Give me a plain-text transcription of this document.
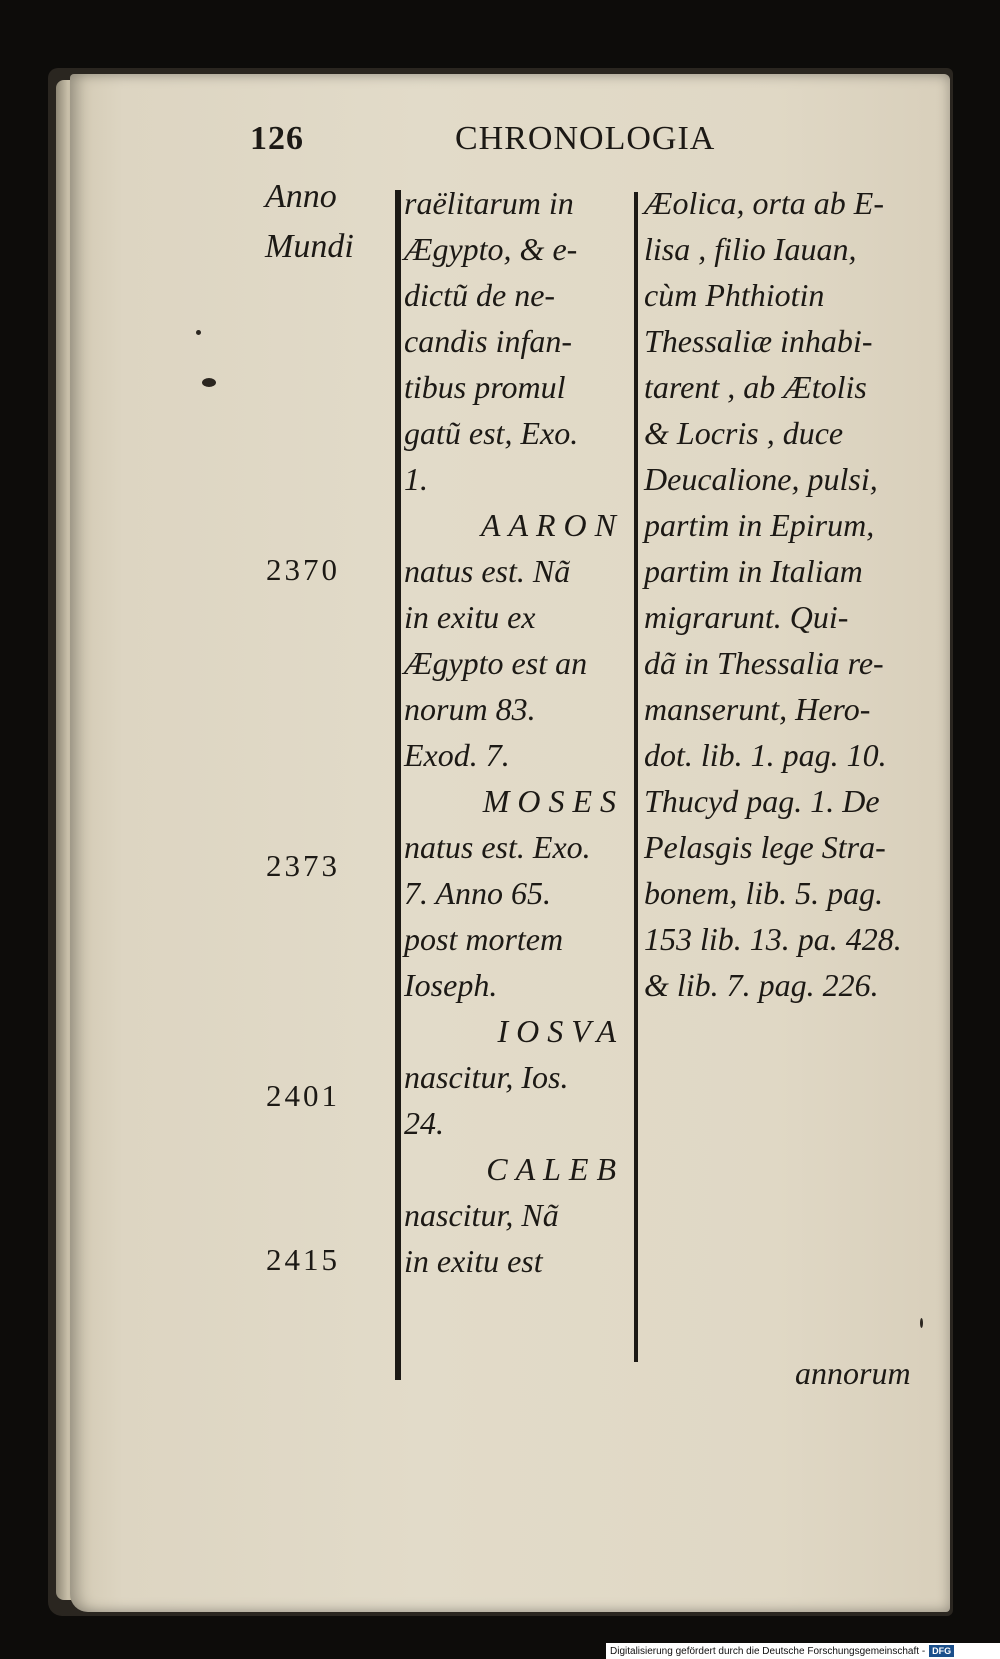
126	CHRONOLOGIA
Anno
Mundi
2370
2373
2401
2415
raëlitarum in
Ægypto, & e-
dictũ de ne-
candis infan-
tibus promul
gatũ est, Exo.
1.
AARON
natus est. Nã
in exitu ex
Ægypto est an
norum 83.
Exod. 7.
MOSES
natus est. Exo.
7. Anno 65.
post mortem
Ioseph.
IOSVA
nascitur, Ios.
24.
CALEB
nascitur, Nã
in exitu est
Æolica, orta ab E-
lisa , filio Iauan,
cùm Phthiotin
Thessaliæ inhabi-
tarent , ab Ætolis
& Locris , duce
Deucalione, pulsi,
partim in Epirum,
partim in Italiam
migrarunt. Qui-
dã in Thessalia re-
manserunt, Hero-
dot. lib. 1. pag. 10.
Thucyd pag. 1. De
Pelasgis lege Stra-
bonem, lib. 5. pag.
153 lib. 13. pa. 428.
& lib. 7. pag. 226.
annorum
Digitalisierung gefördert durch die Deutsche Forschungsgemeinschaft - DFG
